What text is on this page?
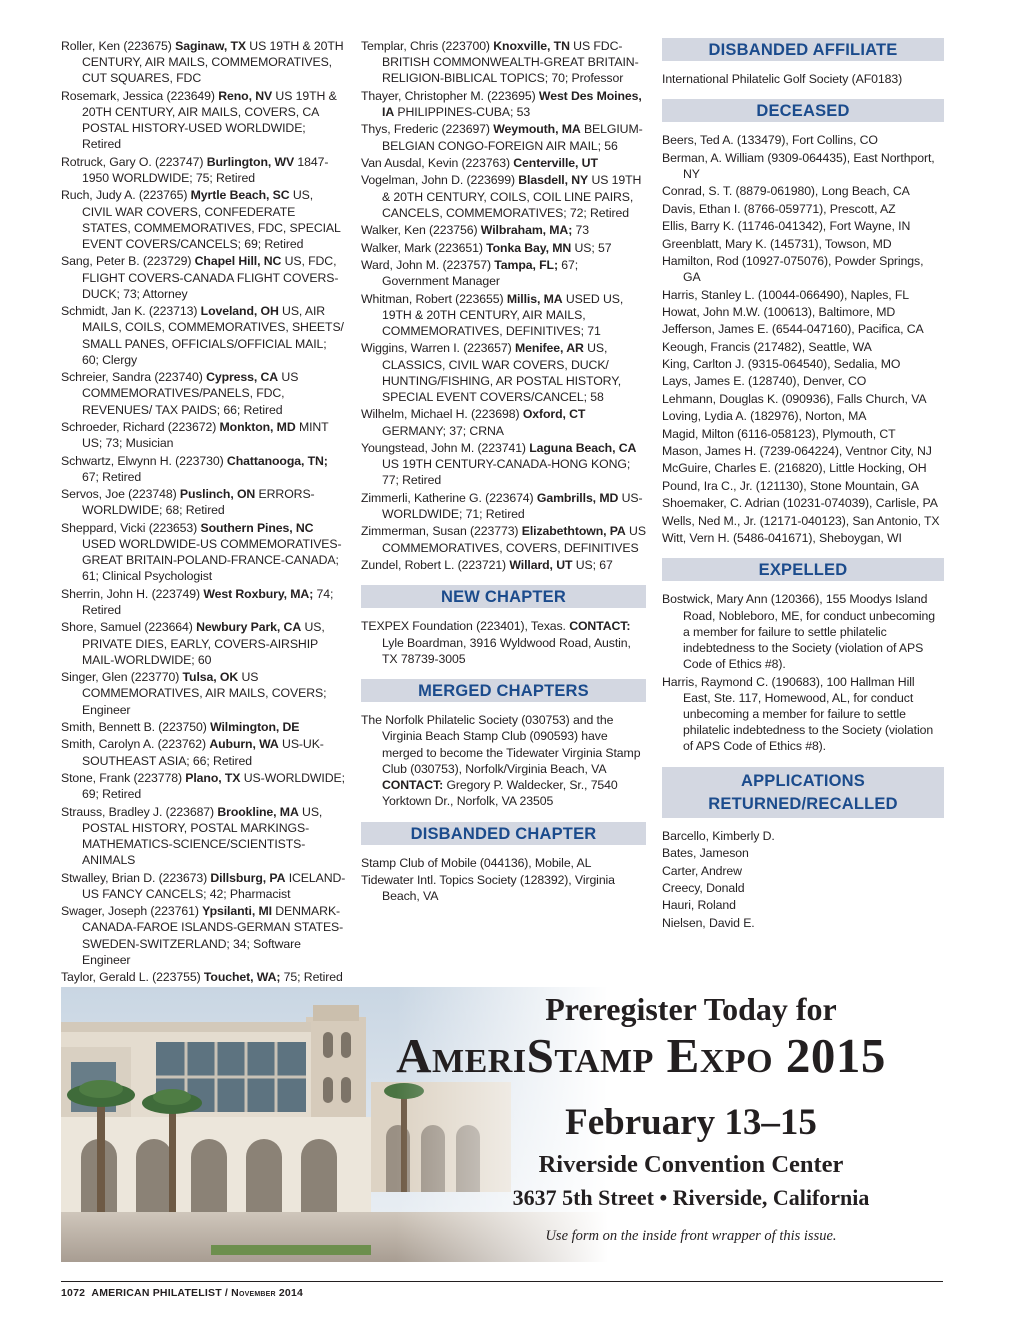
Roller, Ken (223675) Saginaw, TX US 19TH & 20TH CENTURY, AIR MAILS, COMMEMORATIVES, CUT SQUARES, FDC
Rosemark, Jessica (223649) Reno, NV US 19TH & 20TH CENTURY, AIR MAILS, COVERS, CA POSTAL HISTORY-USED WORLDWIDE; Retired
Rotruck, Gary O. (223747) Burlington, WV 1847-1950 WORLDWIDE; 75; Retired
Ruch, Judy A. (223765) Myrtle Beach, SC US, CIVIL WAR COVERS, CONFEDERATE STATES, COMMEMORATIVES, FDC, SPECIAL EVENT COVERS/CANCELS; 69; Retired
Sang, Peter B. (223729) Chapel Hill, NC US, FDC, FLIGHT COVERS-CANADA FLIGHT COVERS-DUCK; 73; Attorney
Schmidt, Jan K. (223713) Loveland, OH US, AIR MAILS, COILS, COMMEMORATIVES, SHEETS/ SMALL PANES, OFFICIALS/OFFICIAL MAIL; 60; Clergy
Schreier, Sandra (223740) Cypress, CA US COMMEMORATIVES/PANELS, FDC, REVENUES/ TAX PAIDS; 66; Retired
Schroeder, Richard (223672) Monkton, MD MINT US; 73; Musician
Schwartz, Elwynn H. (223730) Chattanooga, TN; 67; Retired
Servos, Joe (223748) Puslinch, ON ERRORS-WORLDWIDE; 68; Retired
Sheppard, Vicki (223653) Southern Pines, NC USED WORLDWIDE-US COMMEMORATIVES-GREAT BRITAIN-POLAND-FRANCE-CANADA; 61; Clinical Psychologist
Sherrin, John H. (223749) West Roxbury, MA; 74; Retired
Shore, Samuel (223664) Newbury Park, CA US, PRIVATE DIES, EARLY, COVERS-AIRSHIP MAIL-WORLDWIDE; 60
Singer, Glen (223770) Tulsa, OK US COMMEMORATIVES, AIR MAILS, COVERS; Engineer
Smith, Bennett B. (223750) Wilmington, DE
Smith, Carolyn A. (223762) Auburn, WA US-UK-SOUTHEAST ASIA; 66; Retired
Stone, Frank (223778) Plano, TX US-WORLDWIDE; 69; Retired
Strauss, Bradley J. (223687) Brookline, MA US, POSTAL HISTORY, POSTAL MARKINGS-MATHEMATICS-SCIENCE/SCIENTISTS-ANIMALS
Stwalley, Brian D. (223673) Dillsburg, PA ICELAND-US FANCY CANCELS; 42; Pharmacist
Swager, Joseph (223761) Ypsilanti, MI DENMARK-CANADA-FAROE ISLANDS-GERMAN STATES-SWEDEN-SWITZERLAND; 34; Software Engineer
Taylor, Gerald L. (223755) Touchet, WA; 75; Retired
Templar, Chris (223700) Knoxville, TN US FDC-BRITISH COMMONWEALTH-GREAT BRITAIN-RELIGION-BIBLICAL TOPICS; 70; Professor
Thayer, Christopher M. (223695) West Des Moines, IA PHILIPPINES-CUBA; 53
Thys, Frederic (223697) Weymouth, MA BELGIUM-BELGIAN CONGO-FOREIGN AIR MAIL; 56
Van Ausdal, Kevin (223763) Centerville, UT
Vogelman, John D. (223699) Blasdell, NY US 19TH & 20TH CENTURY, COILS, COIL LINE PAIRS, CANCELS, COMMEMORATIVES; 72; Retired
Walker, Ken (223756) Wilbraham, MA; 73
Walker, Mark (223651) Tonka Bay, MN US; 57
Ward, John M. (223757) Tampa, FL; 67; Government Manager
Whitman, Robert (223655) Millis, MA USED US, 19TH & 20TH CENTURY, AIR MAILS, COMMEMORATIVES, DEFINITIVES; 71
Wiggins, Warren I. (223657) Menifee, AR US, CLASSICS, CIVIL WAR COVERS, DUCK/ HUNTING/FISHING, AR POSTAL HISTORY, SPECIAL EVENT COVERS/CANCEL; 58
Wilhelm, Michael H. (223698) Oxford, CT GERMANY; 37; CRNA
Youngstead, John M. (223741) Laguna Beach, CA US 19TH CENTURY-CANADA-HONG KONG; 77; Retired
Zimmerli, Katherine G. (223674) Gambrills, MD US-WORLDWIDE; 71; Retired
Zimmerman, Susan (223773) Elizabethtown, PA US COMMEMORATIVES, COVERS, DEFINITIVES
Zundel, Robert L. (223721) Willard, UT US; 67
NEW CHAPTER
TEXPEX Foundation (223401), Texas. CONTACT: Lyle Boardman, 3916 Wyldwood Road, Austin, TX 78739-3005
MERGED CHAPTERS
The Norfolk Philatelic Society (030753) and the Virginia Beach Stamp Club (090593) have merged to become the Tidewater Virginia Stamp Club (030753), Norfolk/Virginia Beach, VA CONTACT: Gregory P. Waldecker, Sr., 7540 Yorktown Dr., Norfolk, VA 23505
DISBANDED CHAPTER
Stamp Club of Mobile (044136), Mobile, AL
Tidewater Intl. Topics Society (128392), Virginia Beach, VA
DISBANDED AFFILIATE
International Philatelic Golf Society (AF0183)
DECEASED
Beers, Ted A. (133479), Fort Collins, CO
Berman, A. William (9309-064435), East Northport, NY
Conrad, S. T. (8879-061980), Long Beach, CA
Davis, Ethan I. (8766-059771), Prescott, AZ
Ellis, Barry K. (11746-041342), Fort Wayne, IN
Greenblatt, Mary K. (145731), Towson, MD
Hamilton, Rod (10927-075076), Powder Springs, GA
Harris, Stanley L. (10044-066490), Naples, FL
Howat, John M.W. (100613), Baltimore, MD
Jefferson, James E. (6544-047160), Pacifica, CA
Keough, Francis (217482), Seattle, WA
King, Carlton J. (9315-064540), Sedalia, MO
Lays, James E. (128740), Denver, CO
Lehmann, Douglas K. (090936), Falls Church, VA
Loving, Lydia A. (182976), Norton, MA
Magid, Milton (6116-058123), Plymouth, CT
Mason, James H. (7239-064224), Ventnor City, NJ
McGuire, Charles E. (216820), Little Hocking, OH
Pound, Ira C., Jr. (121130), Stone Mountain, GA
Shoemaker, C. Adrian (10231-074039), Carlisle, PA
Wells, Ned M., Jr. (12171-040123), San Antonio, TX
Witt, Vern H. (5486-041671), Sheboygan, WI
EXPELLED
Bostwick, Mary Ann (120366), 155 Moodys Island Road, Nobleboro, ME, for conduct unbecoming a member for failure to settle philatelic indebtedness to the Society (violation of APS Code of Ethics #8).
Harris, Raymond C. (190683), 100 Hallman Hill East, Ste. 117, Homewood, AL, for conduct unbecoming a member for failure to settle philatelic indebtedness to the Society (violation of APS Code of Ethics #8).
APPLICATIONS
RETURNED/RECALLED
Barcello, Kimberly D.
Bates, Jameson
Carter, Andrew
Creecy, Donald
Hauri, Roland
Nielsen, David E.
Preregister Today for
AmeriStamp Expo 2015
February 13–15
Riverside Convention Center
3637 5th Street • Riverside, California
Use form on the inside front wrapper of this issue.
1072 AMERICAN PHILATELIST / November 2014
